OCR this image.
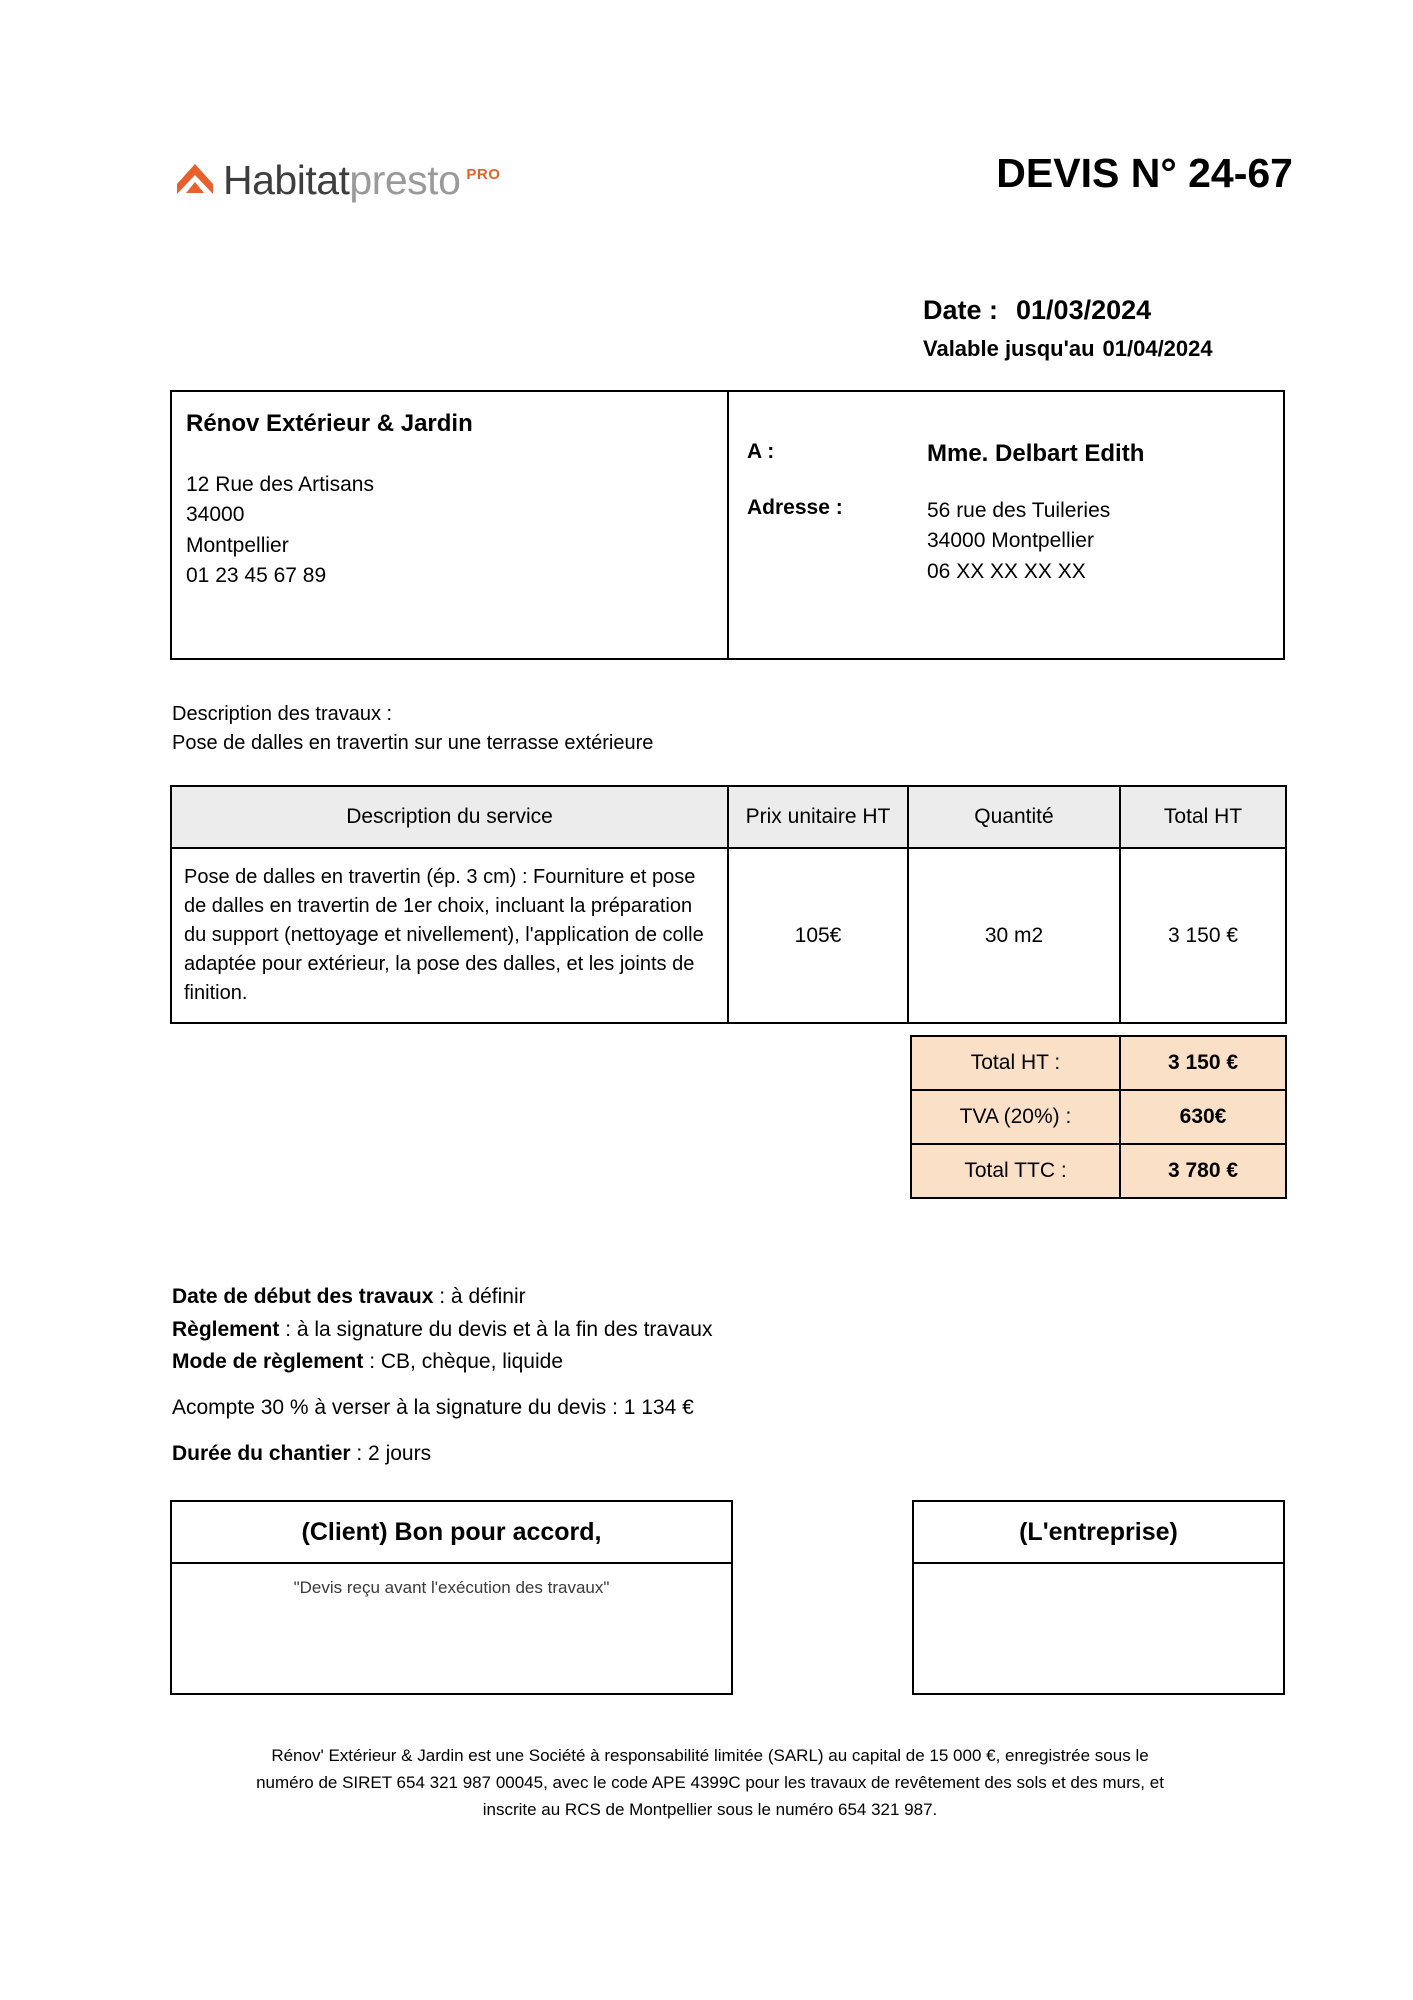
Habitatpresto $^{PRO}$	DEVIS N° 24-67
Date : 01/03/2024
Valable jusqu'au 01/04/2024
Rénov Extérieur & Jardin
12 Rue des Artisans
34000
Montpellier
01 23 45 67 89
A :	Mme. Delbart Edith
Adresse :	56 rue des Tuileries
34000 Montpellier
06 XX XX XX XX
Description des travaux :
Pose de dalles en travertin sur une terrasse extérieure
Description du service	Prix unitaire HT	Quantité	Total HT
Pose de dalles en travertin (ép. 3 cm) : Fourniture et pose de dalles en travertin de 1er choix, incluant la préparation du support (nettoyage et nivellement), l'application de colle adaptée pour extérieur, la pose des dalles, et les joints de finition.	105€	30 m2	3 150 €
Total HT :	3 150 €
TVA (20%) :	630€
Total TTC :	3 780 €
Date de début des travaux : à définir
Règlement : à la signature du devis et à la fin des travaux
Mode de règlement : CB, chèque, liquide
Acompte 30 % à verser à la signature du devis : 1 134 €
Durée du chantier : 2 jours
(Client) Bon pour accord,
"Devis reçu avant l'exécution des travaux"
(L'entreprise)
Rénov' Extérieur & Jardin est une Société à responsabilité limitée (SARL) au capital de 15 000 €, enregistrée sous le
numéro de SIRET 654 321 987 00045, avec le code APE 4399C pour les travaux de revêtement des sols et des murs, et
inscrite au RCS de Montpellier sous le numéro 654 321 987.
